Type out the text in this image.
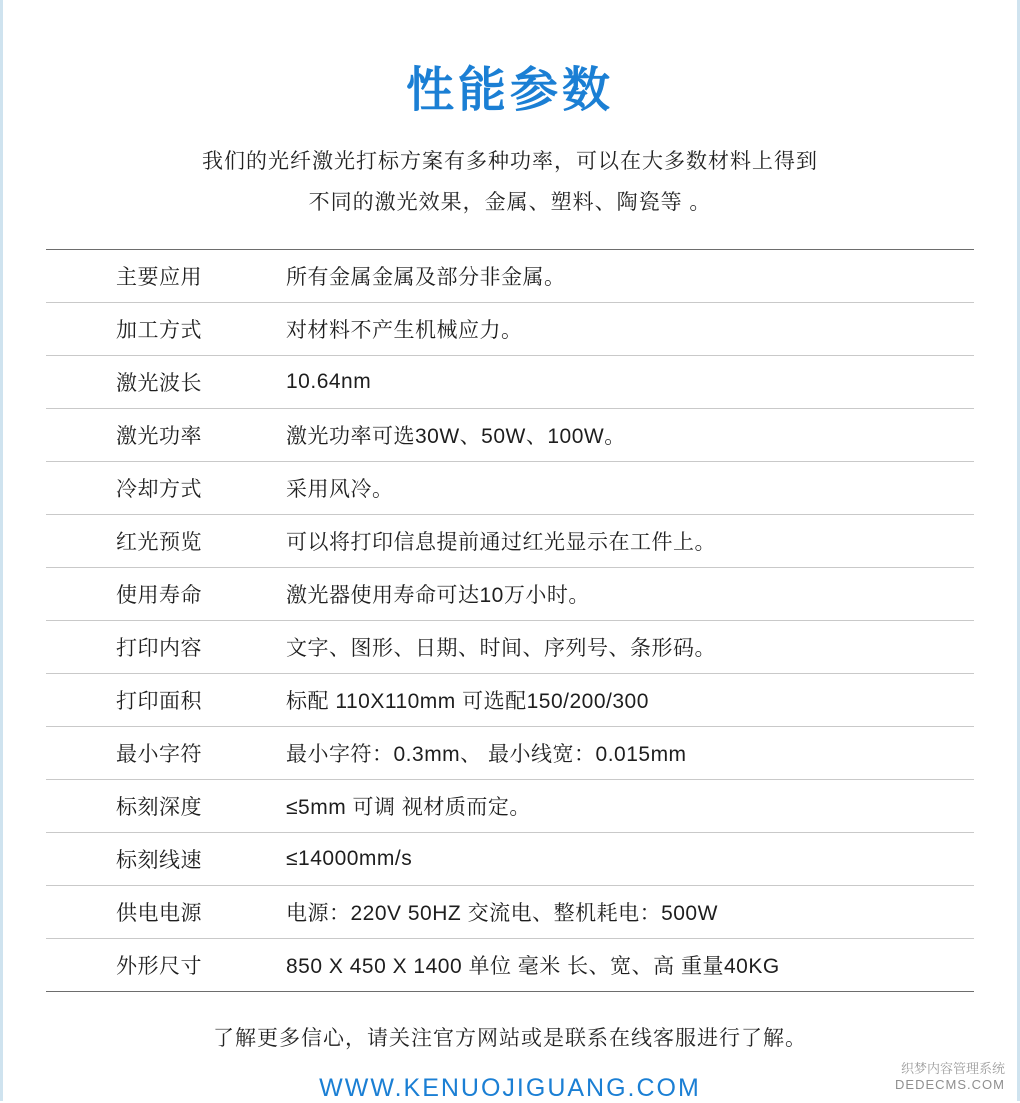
性能参数
我们的光纤激光打标方案有多种功率，可以在大多数材料上得到
不同的激光效果，金属、塑料、陶瓷等 。
主要应用	所有金属金属及部分非金属。
加工方式	对材料不产生机械应力。
激光波长	10.64nm
激光功率	激光功率可选30W、50W、100W。
冷却方式	采用风冷。
红光预览	可以将打印信息提前通过红光显示在工件上。
使用寿命	激光器使用寿命可达10万小时。
打印内容	文字、图形、日期、时间、序列号、条形码。
打印面积	标配 110X110mm 可选配150/200/300
最小字符	最小字符：0.3mm、 最小线宽：0.015mm
标刻深度	≤5mm 可调 视材质而定。
标刻线速	≤14000mm/s
供电电源	电源：220V 50HZ 交流电、整机耗电：500W
外形尺寸	850 X 450 X 1400 单位 毫米 长、宽、高 重量40KG
了解更多信心，请关注官方网站或是联系在线客服进行了解。
WWW.KENUOJIGUANG.COM
织梦内容管理系统
DEDECMS.COM
